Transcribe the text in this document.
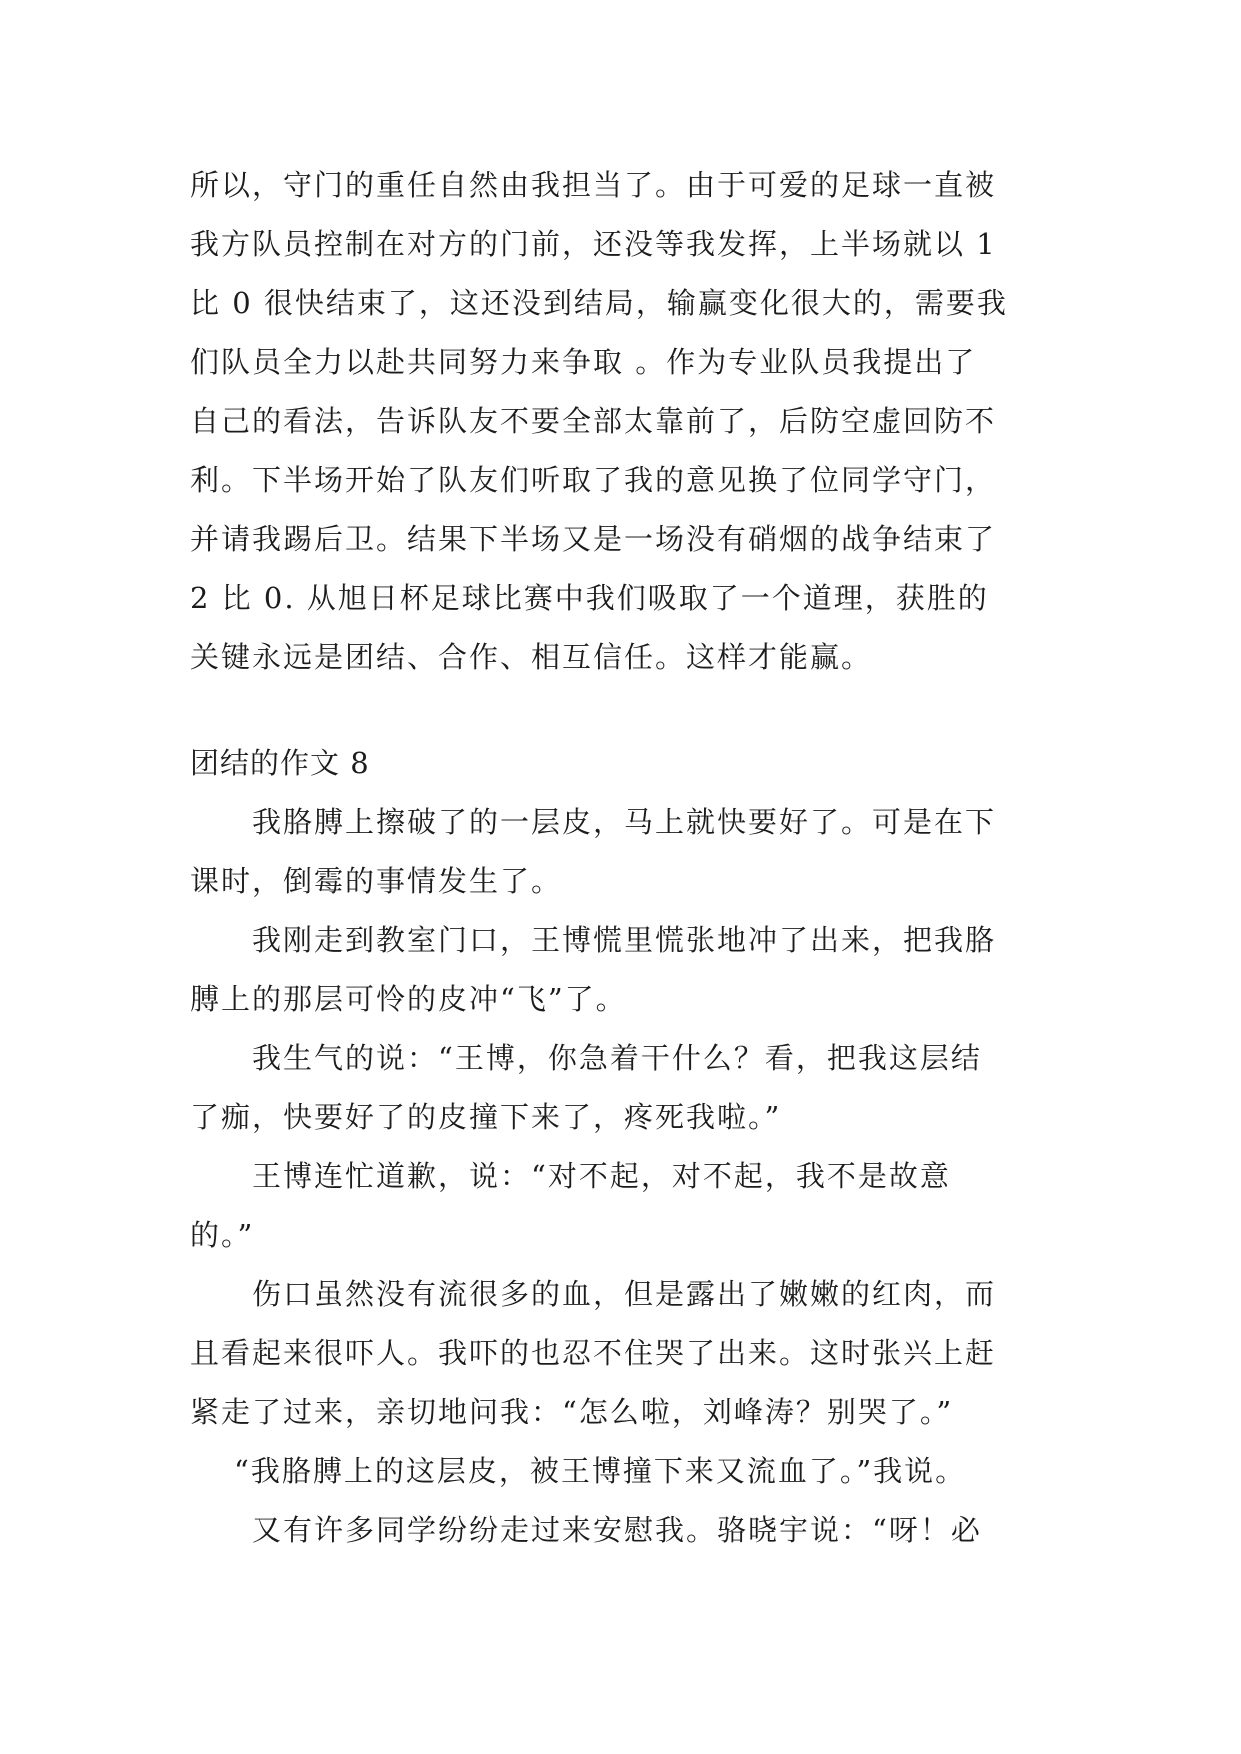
所以，守门的重任自然由我担当了。由于可爱的足球一直被
我方队员控制在对方的门前，还没等我发挥，上半场就以 1
比 0 很快结束了，这还没到结局，输赢变化很大的，需要我
们队员全力以赴共同努力来争取 。作为专业队员我提出了
自己的看法，告诉队友不要全部太靠前了，后防空虚回防不
利。下半场开始了队友们听取了我的意见换了位同学守门，
并请我踢后卫。结果下半场又是一场没有硝烟的战争结束了
2 比 0. 从旭日杯足球比赛中我们吸取了一个道理，获胜的
关键永远是团结、合作、相互信任。这样才能赢。
团结的作文 8
我胳膊上擦破了的一层皮，马上就快要好了。可是在下
课时，倒霉的事情发生了。
我刚走到教室门口，王博慌里慌张地冲了出来，把我胳
膊上的那层可怜的皮冲“飞”了。
我生气的说：“王博，你急着干什么？看，把我这层结
了痂，快要好了的皮撞下来了，疼死我啦。”
王博连忙道歉，说：“对不起，对不起，我不是故意
的。”
伤口虽然没有流很多的血，但是露出了嫩嫩的红肉，而
且看起来很吓人。我吓的也忍不住哭了出来。这时张兴上赶
紧走了过来，亲切地问我：“怎么啦，刘峰涛？别哭了。”
“我胳膊上的这层皮，被王博撞下来又流血了。”我说。
又有许多同学纷纷走过来安慰我。骆晓宇说：“呀！必
